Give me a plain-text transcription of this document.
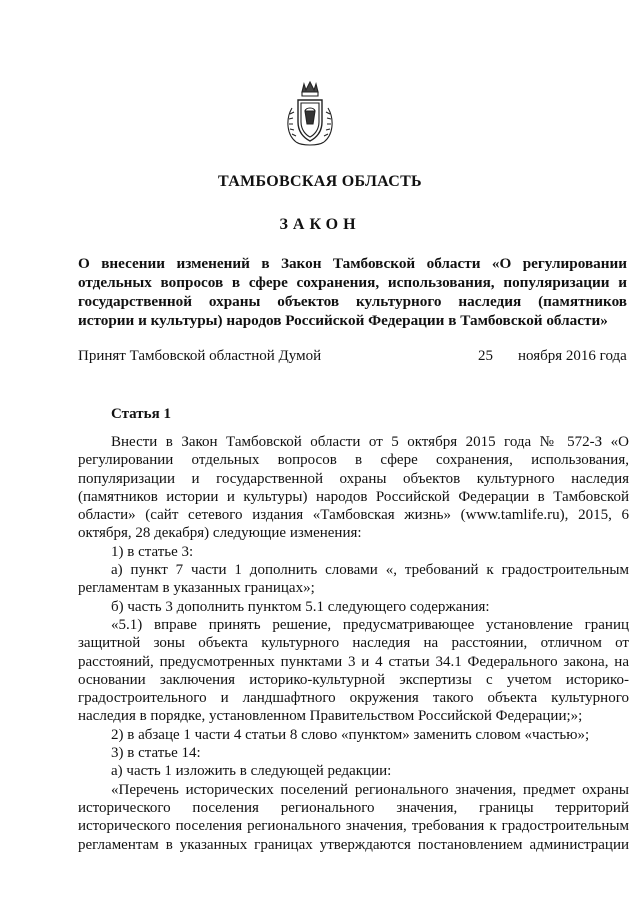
ТАМБОВСКАЯ ОБЛАСТЬ
ЗАКОН
О внесении изменений в Закон Тамбовской области «О регулировании
отдельных вопросов в сфере сохранения, использования, популяризации и
государственной охраны объектов культурного наследия (памятников
истории и культуры) народов Российской Федерации в Тамбовской области»
Принят Тамбовской областной Думой	25 ноября 2016 года
Статья 1
Внести в Закон Тамбовской области от 5 октября 2015 года № 572-З «О
регулировании отдельных вопросов в сфере сохранения, использования,
популяризации и государственной охраны объектов культурного наследия
(памятников истории и культуры) народов Российской Федерации в Тамбовской
области» (сайт сетевого издания «Тамбовская жизнь» (www.tamlife.ru), 2015, 6
октября, 28 декабря) следующие изменения:
1) в статье 3:
а) пункт 7 части 1 дополнить словами «, требований к градостроительным
регламентам в указанных границах»;
б) часть 3 дополнить пунктом 5.1 следующего содержания:
«5.1) вправе принять решение, предусматривающее установление границ
защитной зоны объекта культурного наследия на расстоянии, отличном от
расстояний, предусмотренных пунктами 3 и 4 статьи 34.1 Федерального закона, на
основании заключения историко-культурной экспертизы с учетом историко-
градостроительного и ландшафтного окружения такого объекта культурного
наследия в порядке, установленном Правительством Российской Федерации;»;
2) в абзаце 1 части 4 статьи 8 слово «пунктом» заменить словом «частью»;
3) в статье 14:
а) часть 1 изложить в следующей редакции:
«Перечень исторических поселений регионального значения, предмет охраны
исторического поселения регионального значения, границы территорий
исторического поселения регионального значения, требования к градостроительным
регламентам в указанных границах утверждаются постановлением администрации
